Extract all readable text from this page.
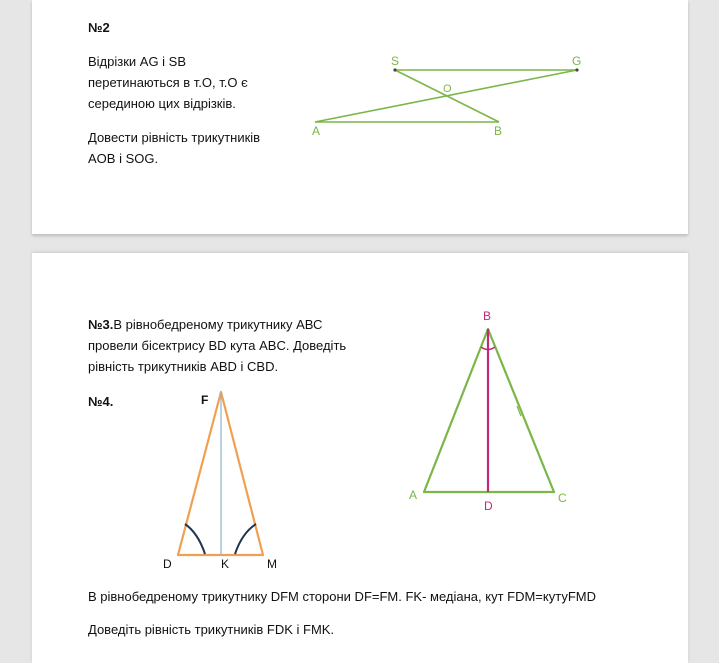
№2
Відрізки AG і SB
перетинаються в т.О, т.О є
серединою цих відрізків.
Довести рівність трикутників
AOB і SOG.
S	G
O
A	B
№3.В рівнобедреному трикутнику АВС
провели бісектрису BD кута ABC. Доведіть
рівність трикутників ABD і CBD.
№4.
B
A	C
D
F
D	K	M
В рівнобедреному трикутнику DFM сторони DF=FM. FK- медіана, кут FDM=кутуFMD
Доведіть рівність трикутників FDK і FMK.
